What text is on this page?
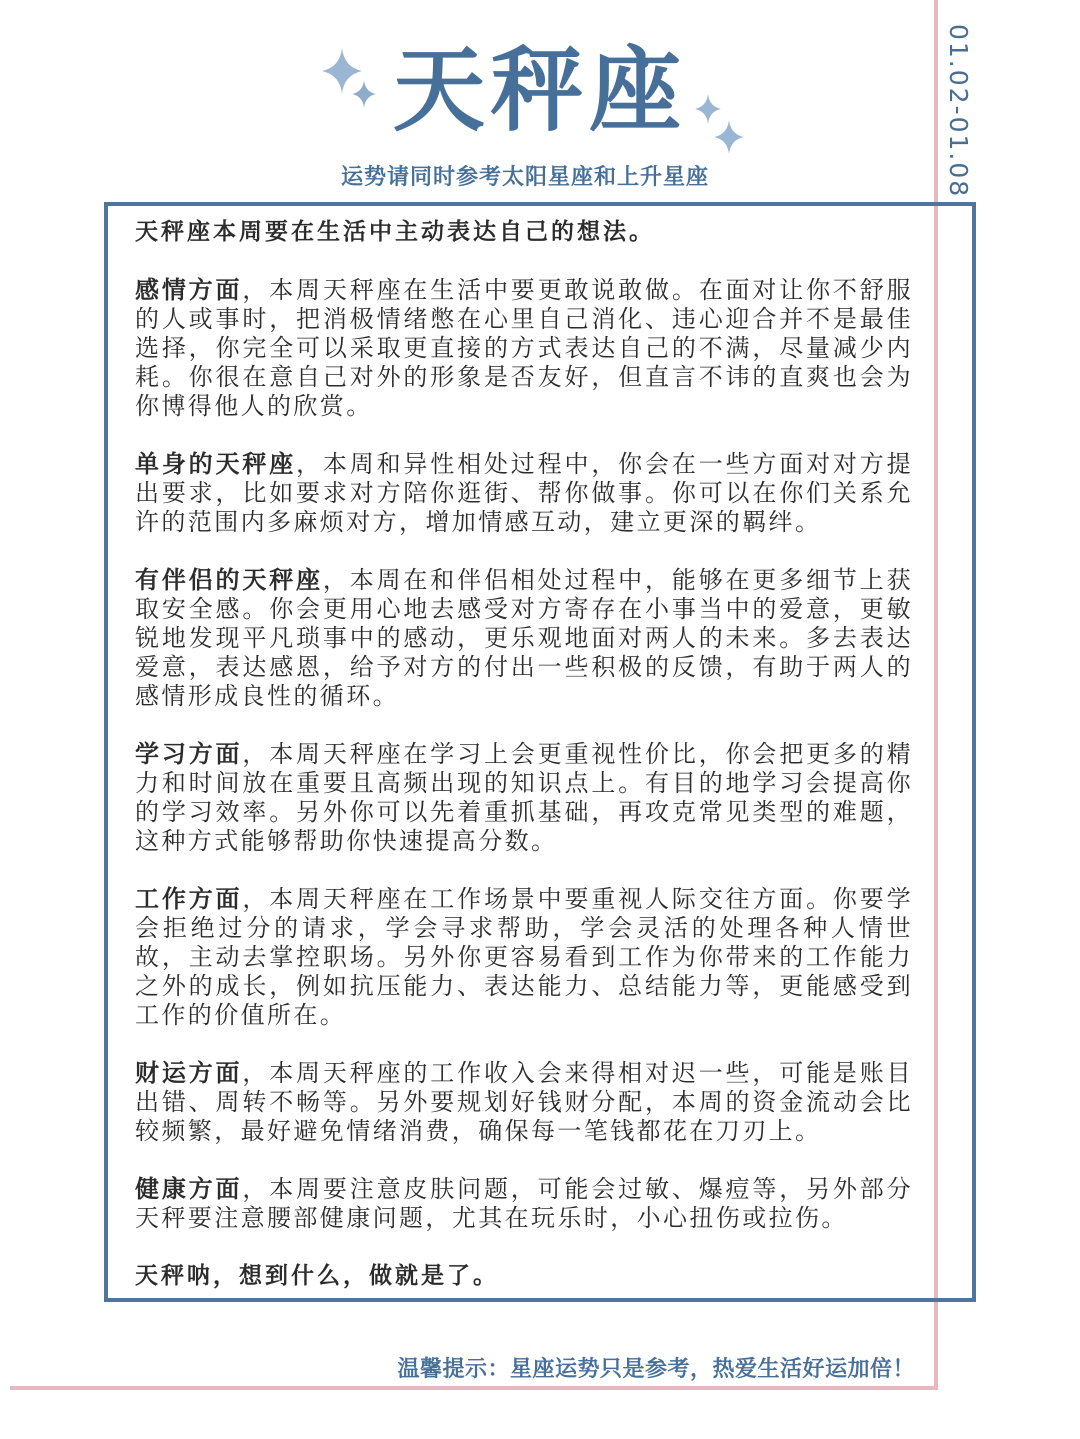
01.02-01.08
天秤座
运势请同时参考太阳星座和上升星座

天秤座本周要在生活中主动表达自己的想法。

感情方面，本周天秤座在生活中要更敢说敢做。在面对让你不舒服的人或事时，把消极情绪憋在心里自己消化、违心迎合并不是最佳选择，你完全可以采取更直接的方式表达自己的不满，尽量减少内耗。你很在意自己对外的形象是否友好，但直言不讳的直爽也会为你博得他人的欣赏。

单身的天秤座，本周和异性相处过程中，你会在一些方面对对方提出要求，比如要求对方陪你逛街、帮你做事。你可以在你们关系允许的范围内多麻烦对方，增加情感互动，建立更深的羁绊。

有伴侣的天秤座，本周在和伴侣相处过程中，能够在更多细节上获取安全感。你会更用心地去感受对方寄存在小事当中的爱意，更敏锐地发现平凡琐事中的感动，更乐观地面对两人的未来。多去表达爱意，表达感恩，给予对方的付出一些积极的反馈，有助于两人的感情形成良性的循环。

学习方面，本周天秤座在学习上会更重视性价比，你会把更多的精力和时间放在重要且高频出现的知识点上。有目的地学习会提高你的学习效率。另外你可以先着重抓基础，再攻克常见类型的难题，这种方式能够帮助你快速提高分数。

工作方面，本周天秤座在工作场景中要重视人际交往方面。你要学会拒绝过分的请求，学会寻求帮助，学会灵活的处理各种人情世故，主动去掌控职场。另外你更容易看到工作为你带来的工作能力之外的成长，例如抗压能力、表达能力、总结能力等，更能感受到工作的价值所在。

财运方面，本周天秤座的工作收入会来得相对迟一些，可能是账目出错、周转不畅等。另外要规划好钱财分配，本周的资金流动会比较频繁，最好避免情绪消费，确保每一笔钱都花在刀刃上。

健康方面，本周要注意皮肤问题，可能会过敏、爆痘等，另外部分天秤要注意腰部健康问题，尤其在玩乐时，小心扭伤或拉伤。

天秤呐，想到什么，做就是了。

温馨提示：星座运势只是参考，热爱生活好运加倍！
